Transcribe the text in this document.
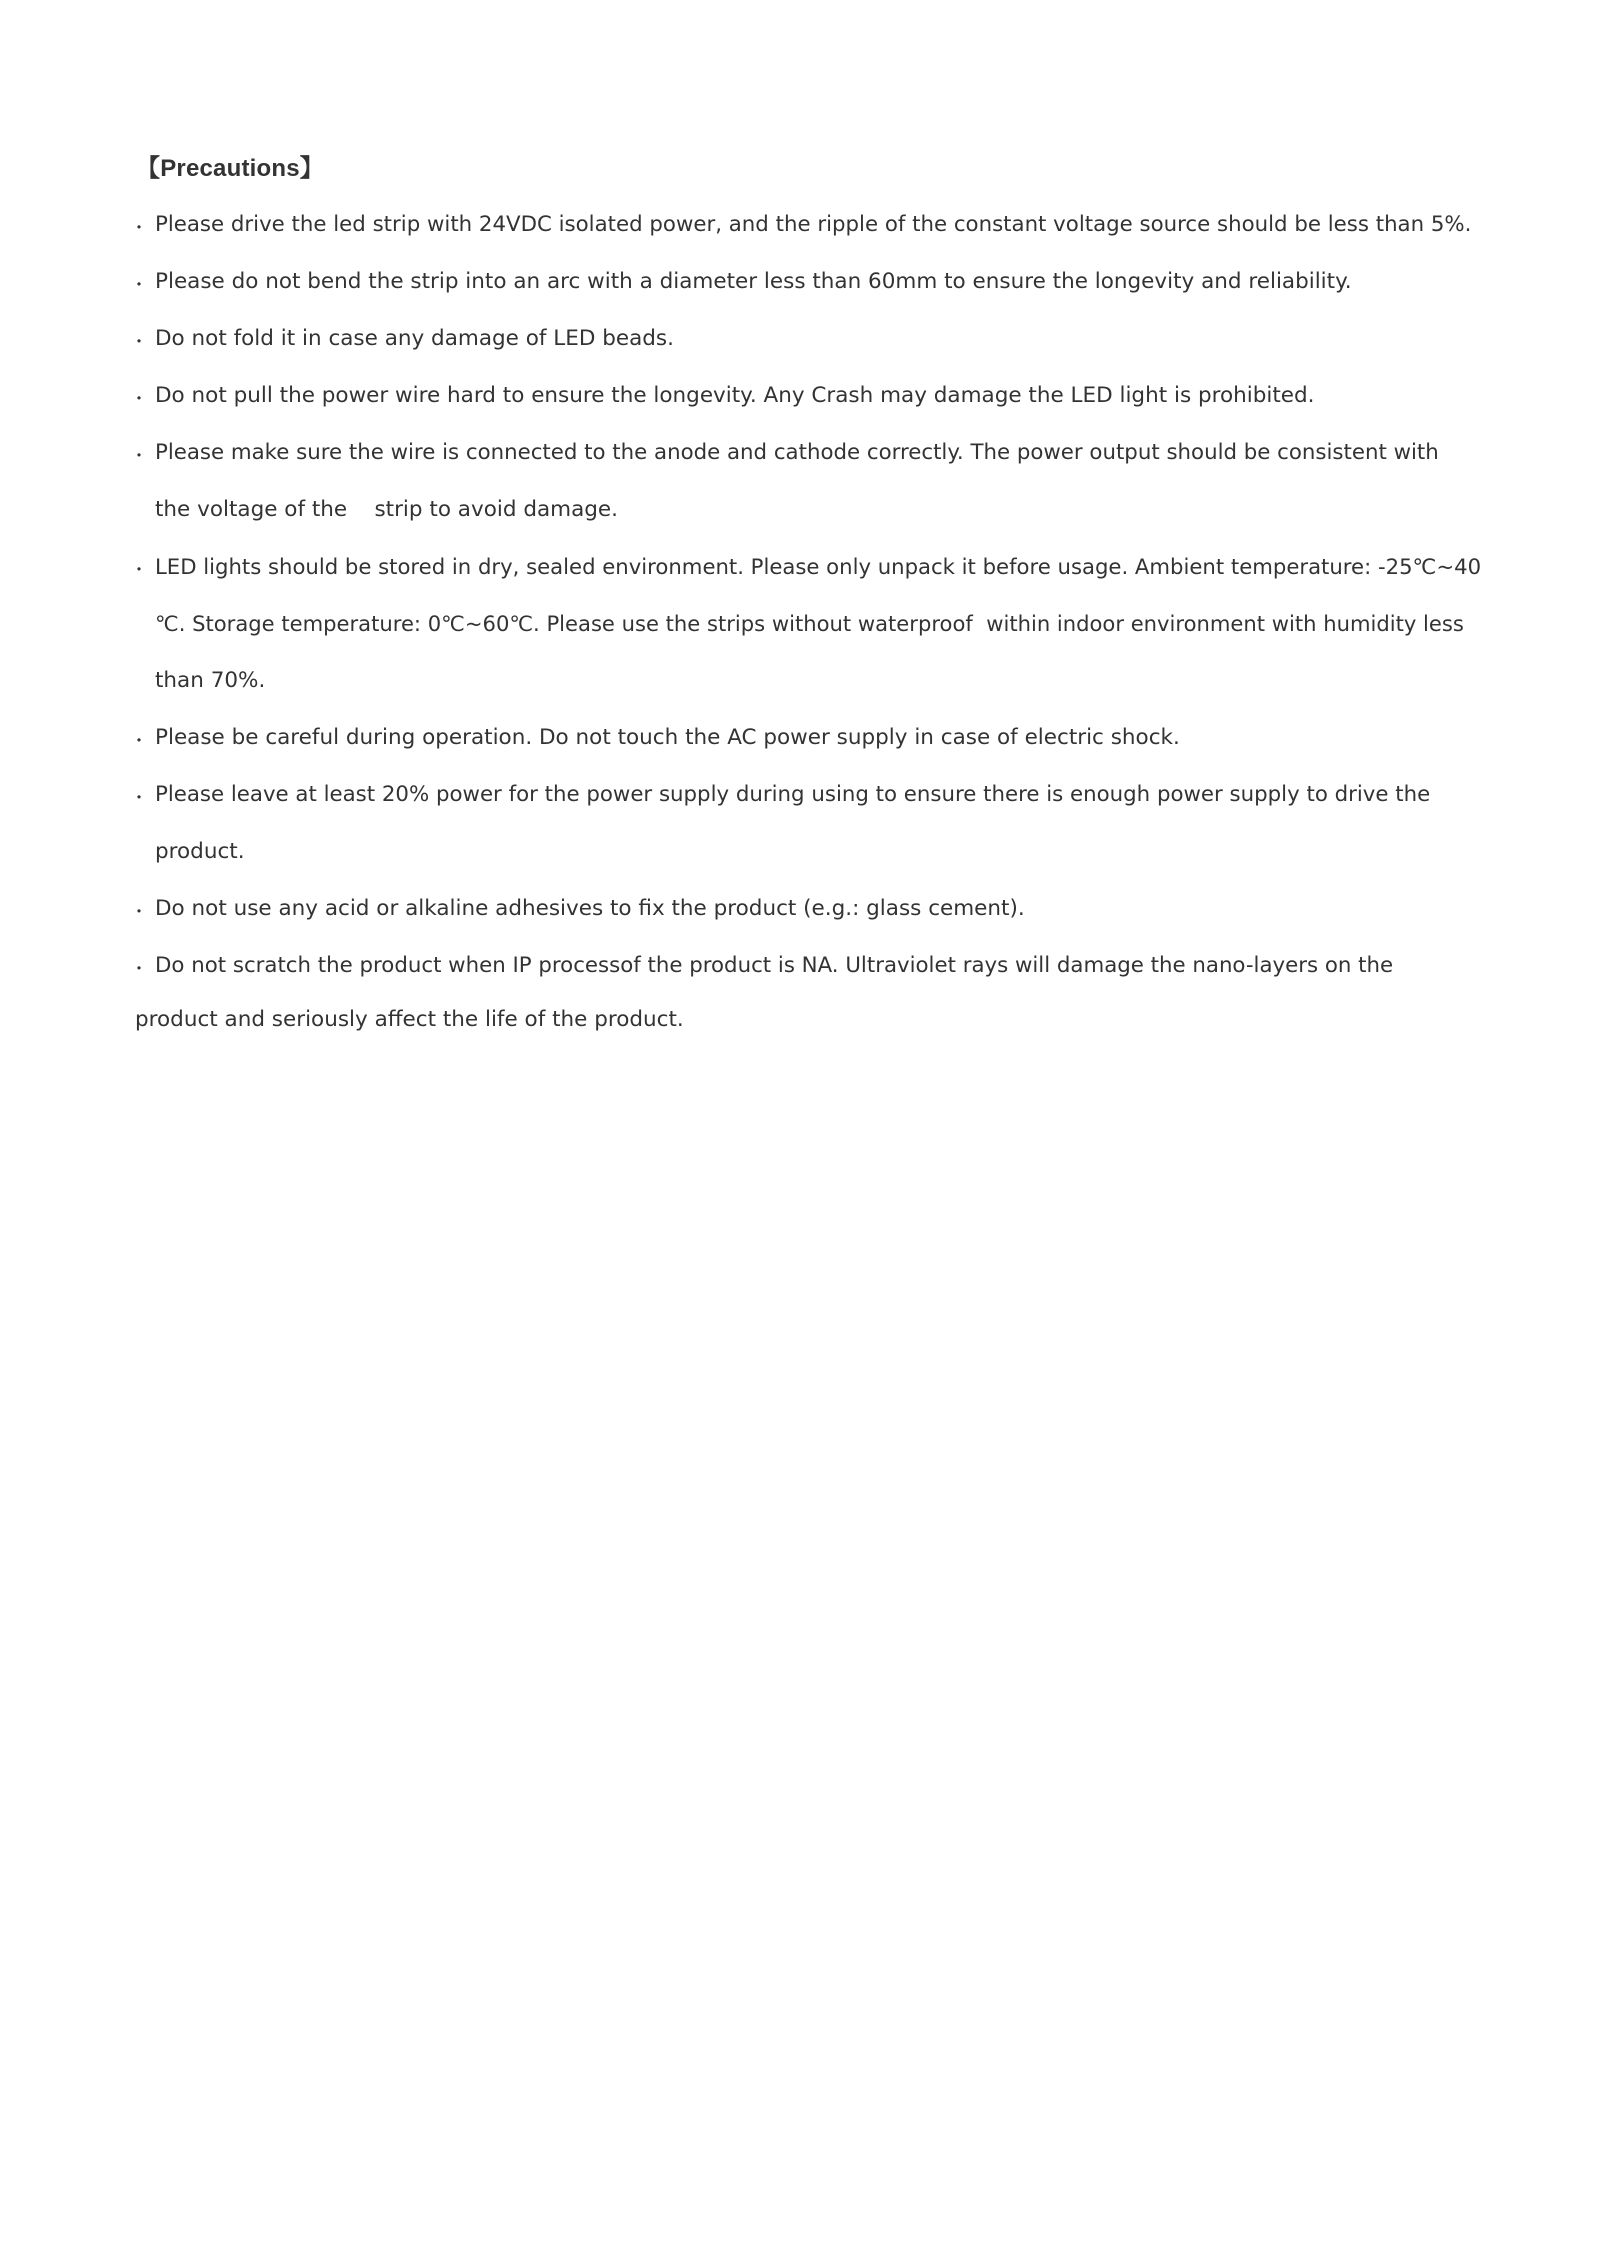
【Precautions】
・
・
・
・
・
・
・
・
・
・
Please drive the led strip with 24VDC isolated power, and the ripple of the constant voltage source should be less than 5%.
Please do not bend the strip into an arc with a diameter less than 60mm to ensure the longevity and reliability.
Do not fold it in case any damage of LED beads.
Do not pull the power wire hard to ensure the longevity. Any Crash may damage the LED light is prohibited.
Please make sure the wire is connected to the anode and cathode correctly. The power output should be consistent with
the voltage of the    strip to avoid damage.
LED lights should be stored in dry, sealed environment. Please only unpack it before usage. Ambient temperature: -25℃~40
℃. Storage temperature: 0℃~60℃. Please use the strips without waterproof  within indoor environment with humidity less
than 70%.
Please be careful during operation. Do not touch the AC power supply in case of electric shock.
Please leave at least 20% power for the power supply during using to ensure there is enough power supply to drive the
product.
Do not use any acid or alkaline adhesives to fix the product (e.g.: glass cement).
Do not scratch the product when IP processof the product is NA. Ultraviolet rays will damage the nano-layers on the
product and seriously affect the life of the product.
